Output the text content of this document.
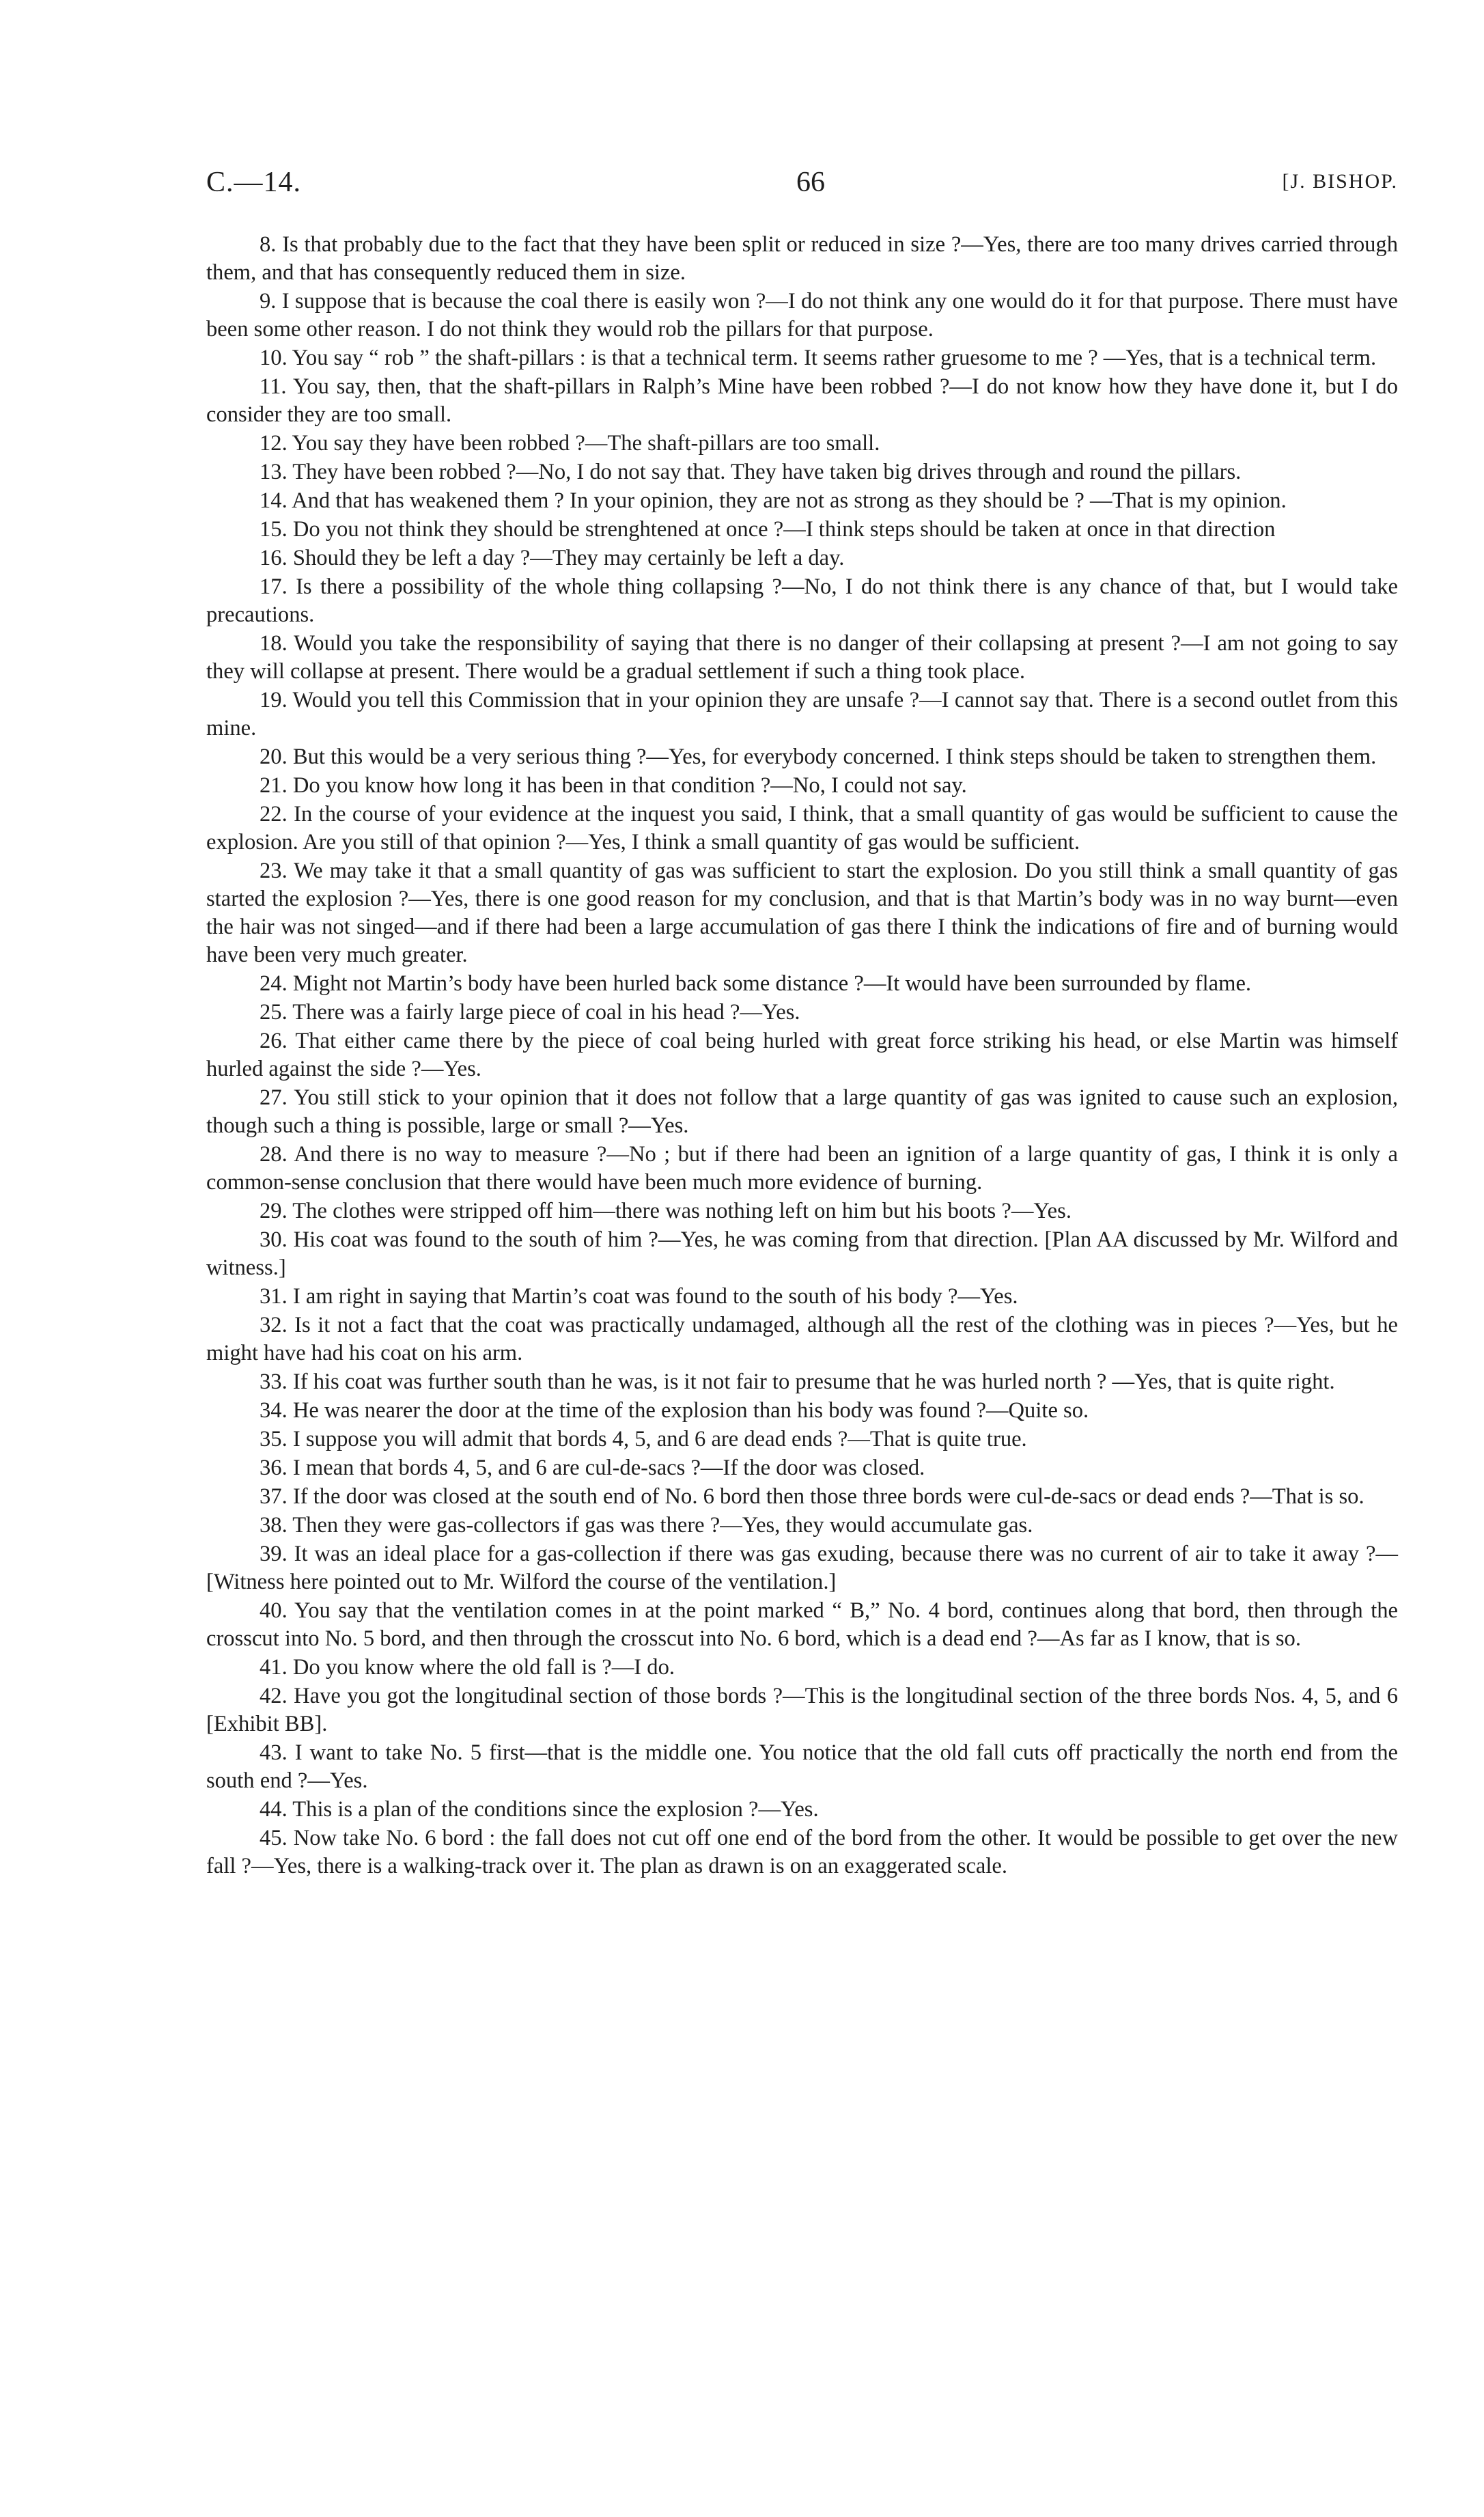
C.—14.	66	[J. BISHOP.

8. Is that probably due to the fact that they have been split or reduced in size ?—Yes, there are too many drives carried through them, and that has consequently reduced them in size.

9. I suppose that is because the coal there is easily won ?—I do not think any one would do it for that purpose. There must have been some other reason. I do not think they would rob the pillars for that purpose.

10. You say “ rob ” the shaft-pillars : is that a technical term. It seems rather gruesome to me ? —Yes, that is a technical term.

11. You say, then, that the shaft-pillars in Ralph’s Mine have been robbed ?—I do not know how they have done it, but I do consider they are too small.

12. You say they have been robbed ?—The shaft-pillars are too small.

13. They have been robbed ?—No, I do not say that. They have taken big drives through and round the pillars.

14. And that has weakened them ? In your opinion, they are not as strong as they should be ? —That is my opinion.

15. Do you not think they should be strenghtened at once ?—I think steps should be taken at once in that direction

16. Should they be left a day ?—They may certainly be left a day.

17. Is there a possibility of the whole thing collapsing ?—No, I do not think there is any chance of that, but I would take precautions.

18. Would you take the responsibility of saying that there is no danger of their collapsing at present ?—I am not going to say they will collapse at present. There would be a gradual settlement if such a thing took place.

19. Would you tell this Commission that in your opinion they are unsafe ?—I cannot say that. There is a second outlet from this mine.

20. But this would be a very serious thing ?—Yes, for everybody concerned. I think steps should be taken to strengthen them.

21. Do you know how long it has been in that condition ?—No, I could not say.

22. In the course of your evidence at the inquest you said, I think, that a small quantity of gas would be sufficient to cause the explosion. Are you still of that opinion ?—Yes, I think a small quantity of gas would be sufficient.

23. We may take it that a small quantity of gas was sufficient to start the explosion. Do you still think a small quantity of gas started the explosion ?—Yes, there is one good reason for my conclusion, and that is that Martin’s body was in no way burnt—even the hair was not singed—and if there had been a large accumulation of gas there I think the indications of fire and of burning would have been very much greater.

24. Might not Martin’s body have been hurled back some distance ?—It would have been surrounded by flame.

25. There was a fairly large piece of coal in his head ?—Yes.

26. That either came there by the piece of coal being hurled with great force striking his head, or else Martin was himself hurled against the side ?—Yes.

27. You still stick to your opinion that it does not follow that a large quantity of gas was ignited to cause such an explosion, though such a thing is possible, large or small ?—Yes.

28. And there is no way to measure ?—No ; but if there had been an ignition of a large quantity of gas, I think it is only a common-sense conclusion that there would have been much more evidence of burning.

29. The clothes were stripped off him—there was nothing left on him but his boots ?—Yes.

30. His coat was found to the south of him ?—Yes, he was coming from that direction. [Plan AA discussed by Mr. Wilford and witness.]

31. I am right in saying that Martin’s coat was found to the south of his body ?—Yes.

32. Is it not a fact that the coat was practically undamaged, although all the rest of the clothing was in pieces ?—Yes, but he might have had his coat on his arm.

33. If his coat was further south than he was, is it not fair to presume that he was hurled north ? —Yes, that is quite right.

34. He was nearer the door at the time of the explosion than his body was found ?—Quite so.

35. I suppose you will admit that bords 4, 5, and 6 are dead ends ?—That is quite true.

36. I mean that bords 4, 5, and 6 are cul-de-sacs ?—If the door was closed.

37. If the door was closed at the south end of No. 6 bord then those three bords were cul-de-sacs or dead ends ?—That is so.

38. Then they were gas-collectors if gas was there ?—Yes, they would accumulate gas.

39. It was an ideal place for a gas-collection if there was gas exuding, because there was no current of air to take it away ?—[Witness here pointed out to Mr. Wilford the course of the ventilation.]

40. You say that the ventilation comes in at the point marked “ B,” No. 4 bord, continues along that bord, then through the crosscut into No. 5 bord, and then through the crosscut into No. 6 bord, which is a dead end ?—As far as I know, that is so.

41. Do you know where the old fall is ?—I do.

42. Have you got the longitudinal section of those bords ?—This is the longitudinal section of the three bords Nos. 4, 5, and 6 [Exhibit BB].

43. I want to take No. 5 first—that is the middle one. You notice that the old fall cuts off practically the north end from the south end ?—Yes.

44. This is a plan of the conditions since the explosion ?—Yes.

45. Now take No. 6 bord : the fall does not cut off one end of the bord from the other. It would be possible to get over the new fall ?—Yes, there is a walking-track over it. The plan as drawn is on an exaggerated scale.
